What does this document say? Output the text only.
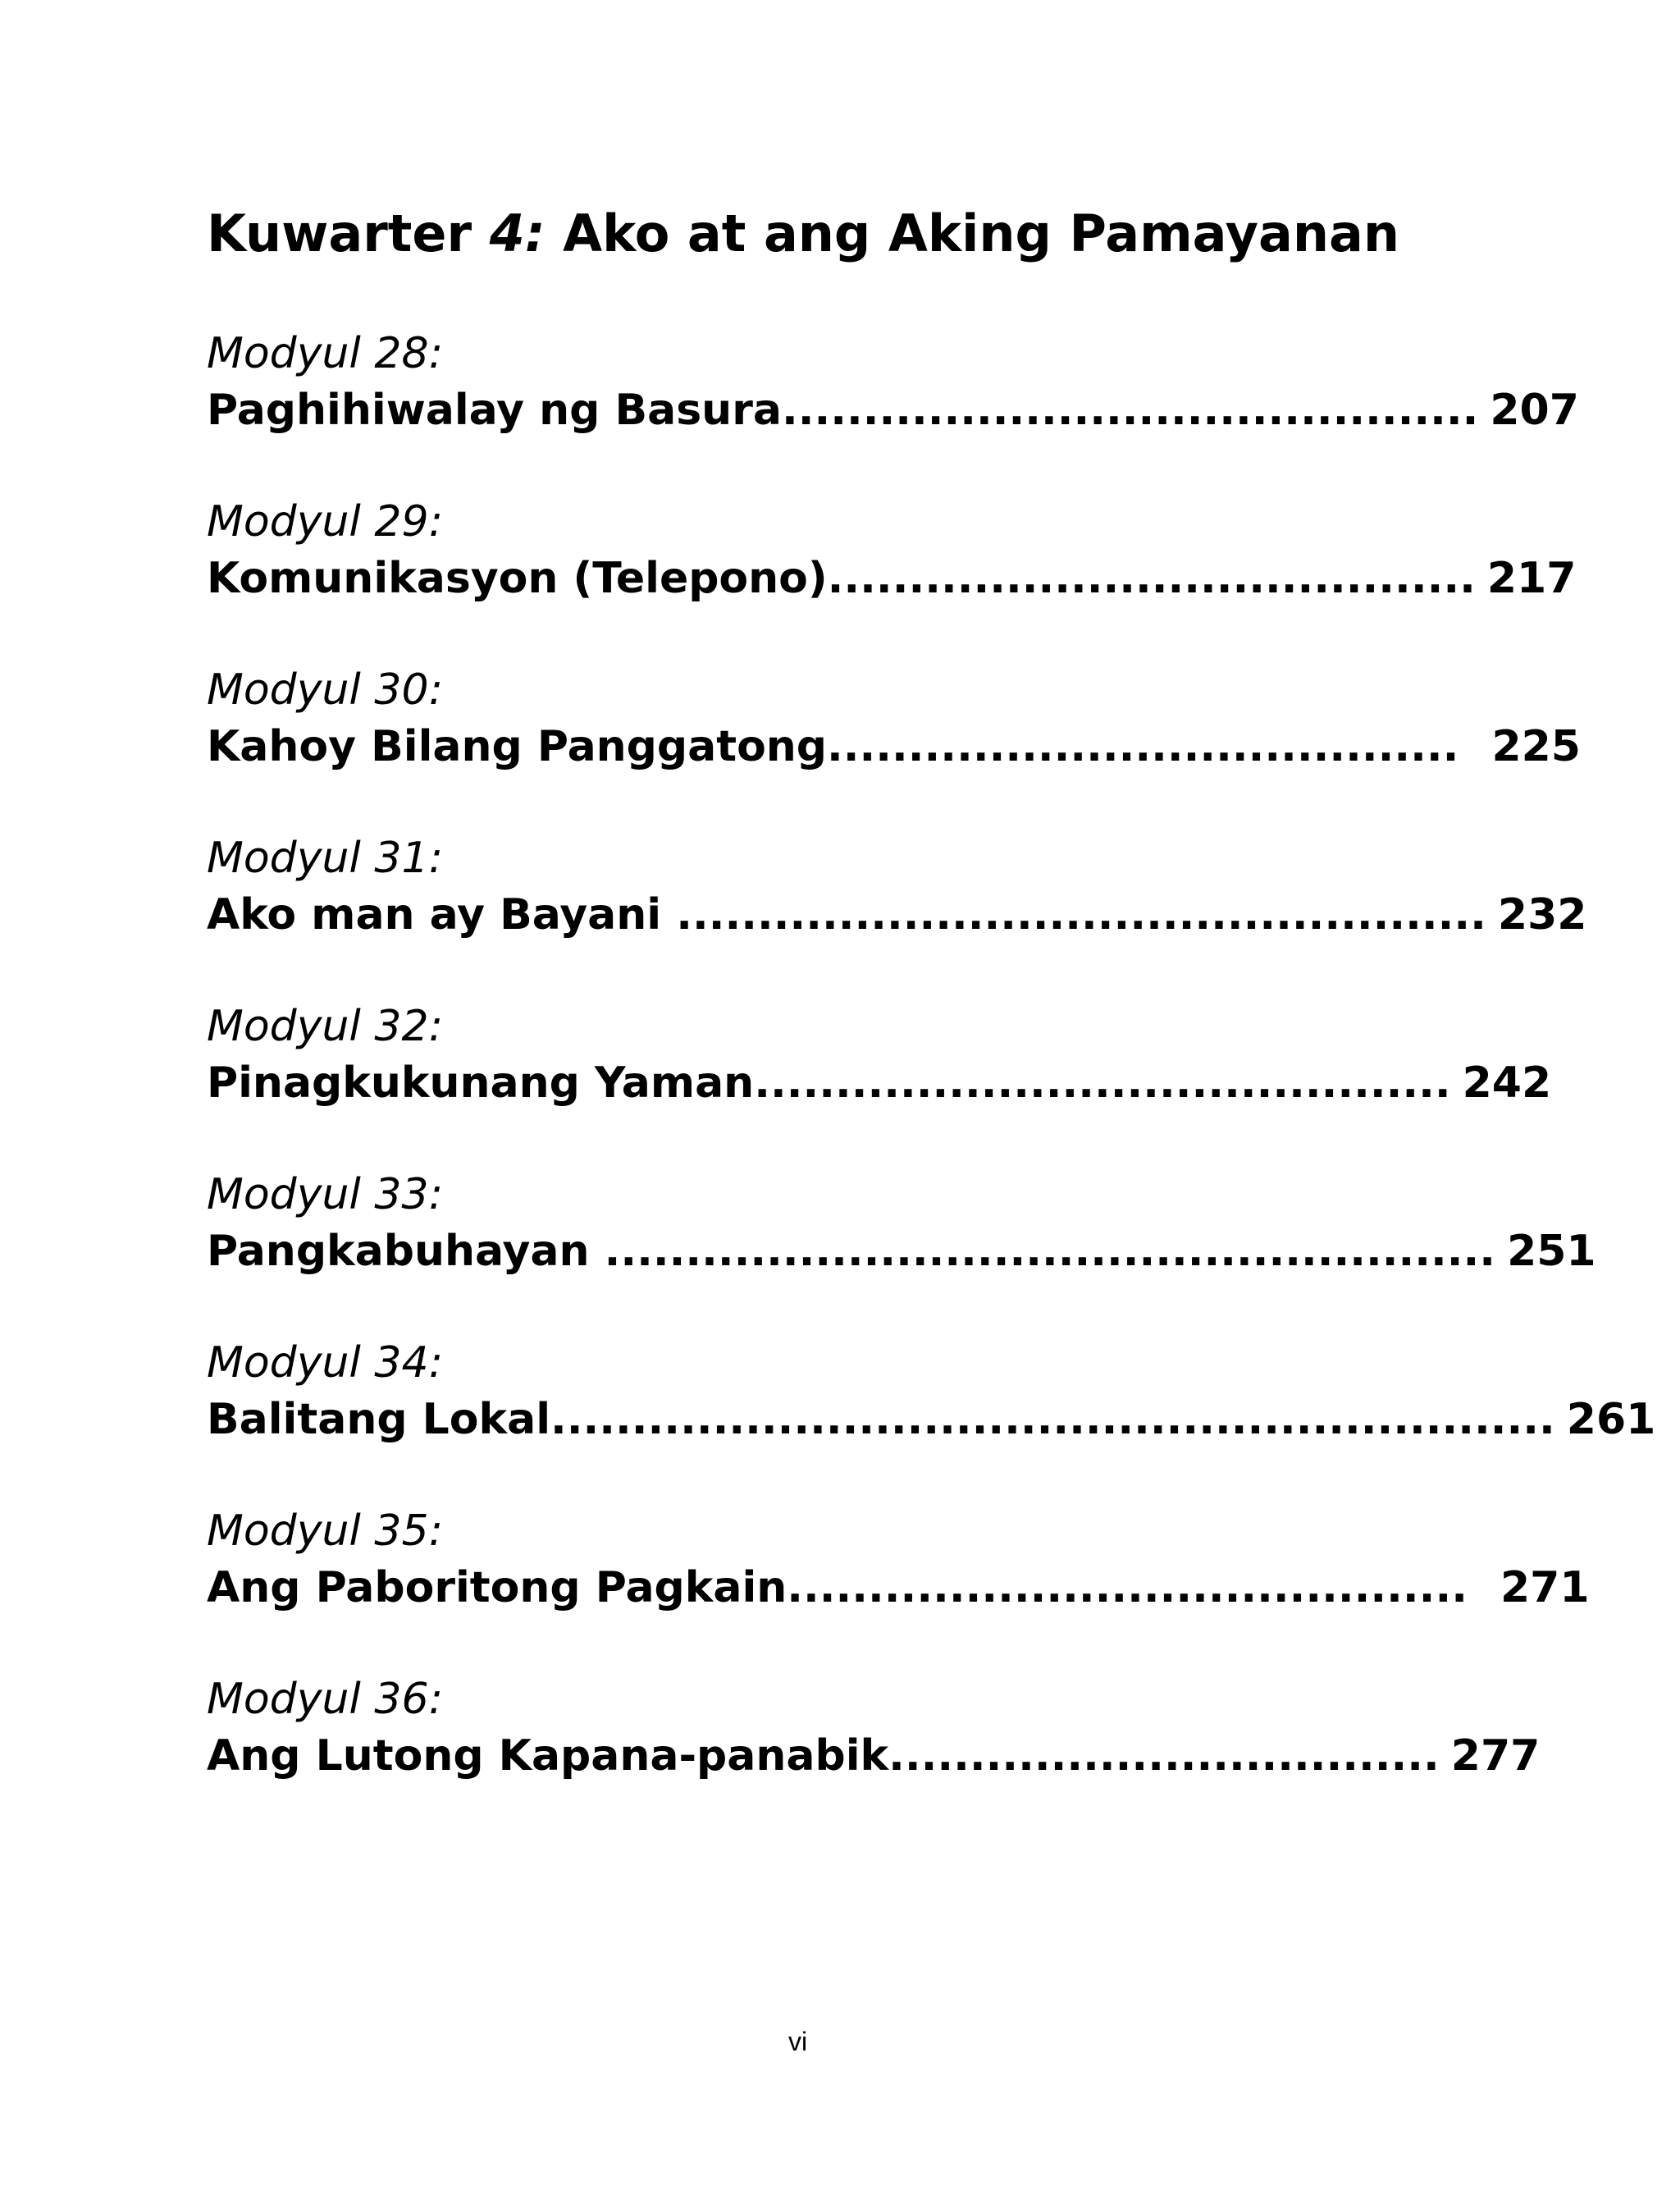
Kuwarter 4: Ako at ang Aking Pamayanan
Modyul 28:
Paghihiwalay ng Basura........................................... 207
Modyul 29:
Komunikasyon (Telepono)........................................ 217
Modyul 30:
Kahoy Bilang Panggatong....................................... 225
Modyul 31:
Ako man ay Bayani .................................................. 232
Modyul 32:
Pinagkukunang Yaman........................................... 242
Modyul 33:
Pangkabuhayan ....................................................... 251
Modyul 34:
Balitang Lokal.............................................................. 261
Modyul 35:
Ang Paboritong Pagkain.......................................... 271
Modyul 36:
Ang Lutong Kapana-panabik.................................. 277
vi
